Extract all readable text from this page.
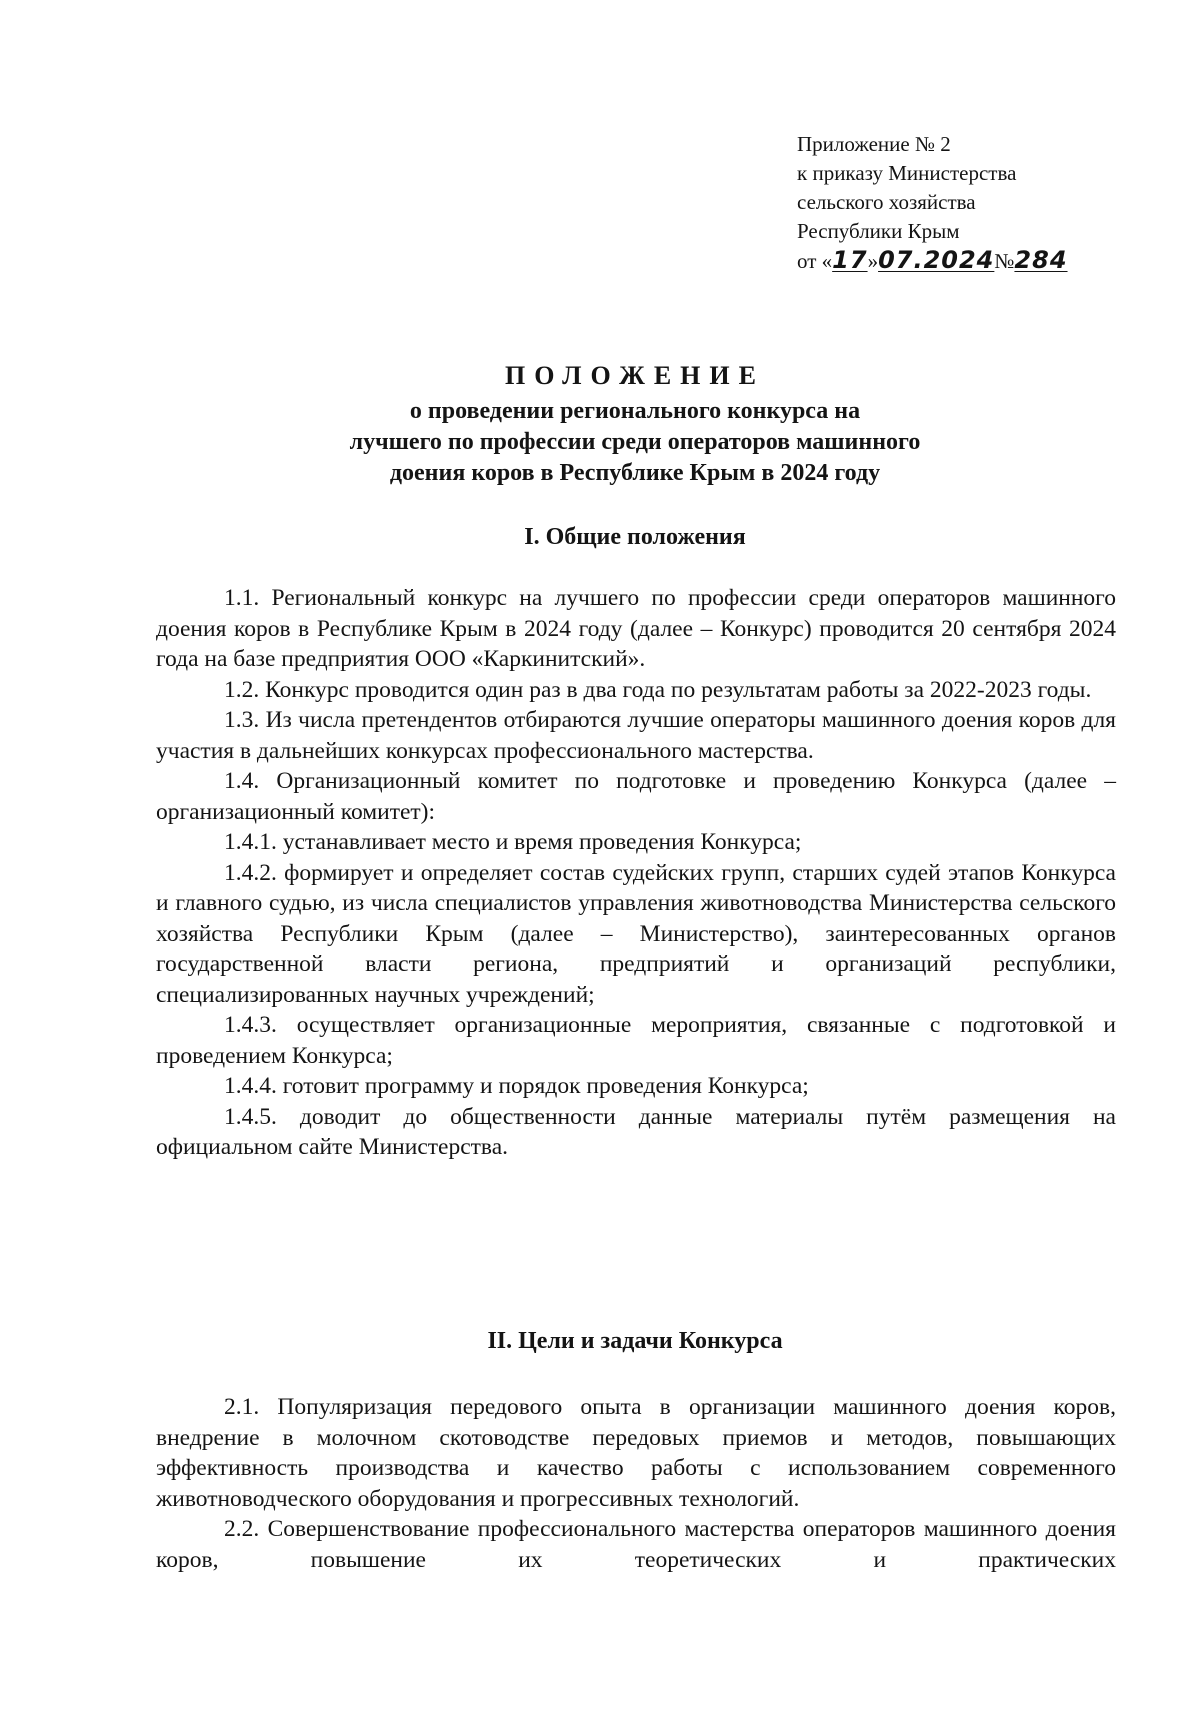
Приложение № 2
к приказу Министерства
сельского хозяйства
Республики Крым
от «17»07.2024№284
ПОЛОЖЕНИЕ
о проведении регионального конкурса на
лучшего по профессии среди операторов машинного
доения коров в Республике Крым в 2024 году
I. Общие положения

1.1. Региональный конкурс на лучшего по профессии среди операторов машинного доения коров в Республике Крым в 2024 году (далее – Конкурс) проводится 20 сентября 2024 года на базе предприятия ООО «Каркинитский».

1.2. Конкурс проводится один раз в два года по результатам работы за 2022-2023 годы.

1.3. Из числа претендентов отбираются лучшие операторы машинного доения коров для участия в дальнейших конкурсах профессионального мастерства.

1.4. Организационный комитет по подготовке и проведению Конкурса (далее – организационный комитет):

1.4.1. устанавливает место и время проведения Конкурса;

1.4.2. формирует и определяет состав судейских групп, старших судей этапов Конкурса и главного судью, из числа специалистов управления животноводства Министерства сельского хозяйства Республики Крым (далее – Министерство), заинтересованных органов государственной власти региона, предприятий и организаций республики, специализированных научных учреждений;

1.4.3. осуществляет организационные мероприятия, связанные с подготовкой и проведением Конкурса;

1.4.4. готовит программу и порядок проведения Конкурса;

1.4.5. доводит до общественности данные материалы путём размещения на официальном сайте Министерства.

II. Цели и задачи Конкурса

2.1. Популяризация передового опыта в организации машинного доения коров, внедрение в молочном скотоводстве передовых приемов и методов, повышающих эффективность производства и качество работы с использованием современного животноводческого оборудования и прогрессивных технологий.

2.2. Совершенствование профессионального мастерства операторов машинного доения коров, повышение их теоретических и практических
